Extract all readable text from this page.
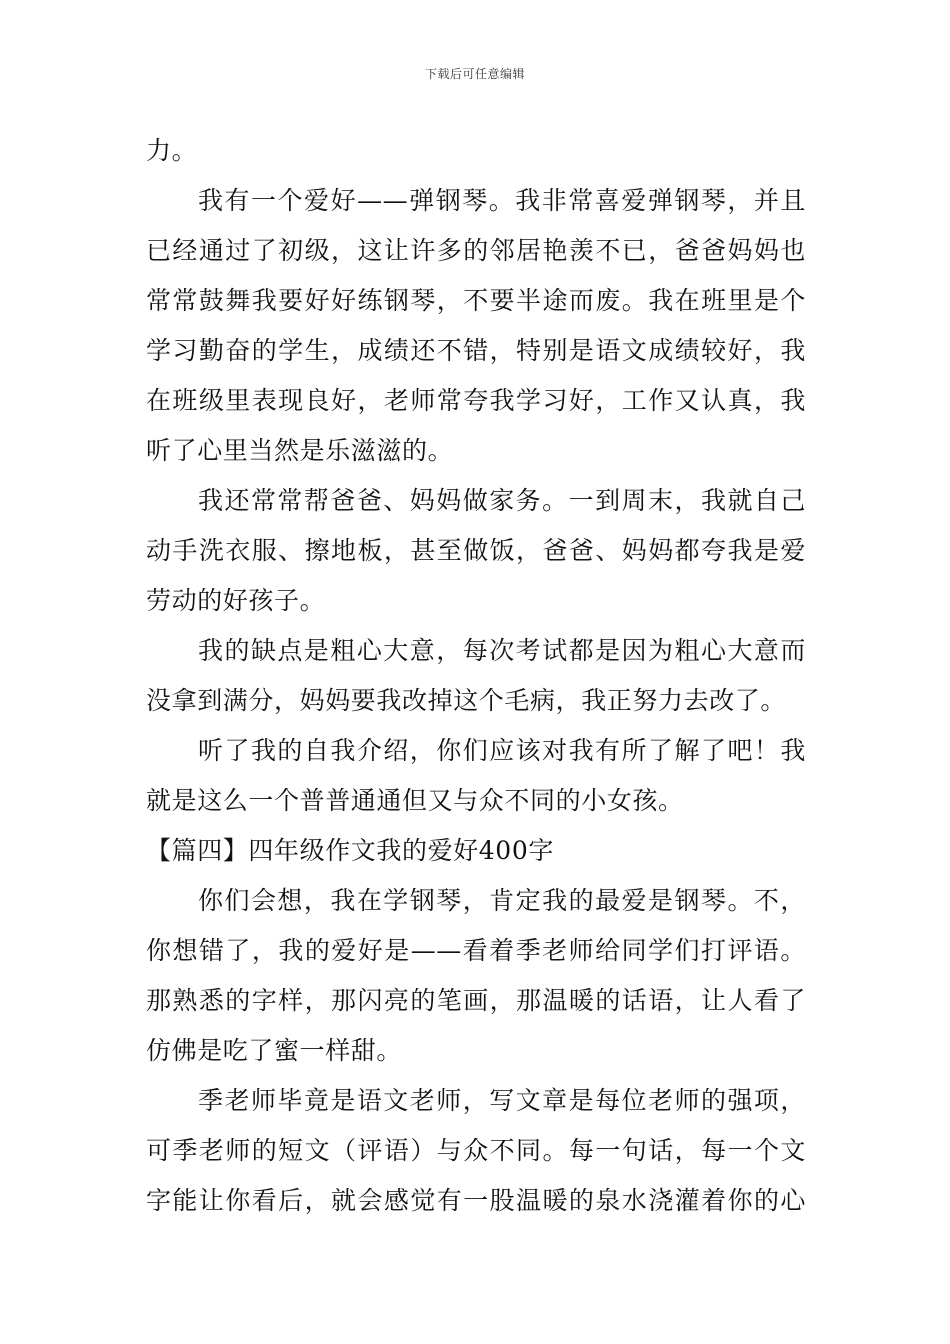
下载后可任意编辑
力。
我有一个爱好——弹钢琴。我非常喜爱弹钢琴，并且
已经通过了初级，这让许多的邻居艳羡不已，爸爸妈妈也
常常鼓舞我要好好练钢琴，不要半途而废。我在班里是个
学习勤奋的学生，成绩还不错，特别是语文成绩较好，我
在班级里表现良好，老师常夸我学习好，工作又认真，我
听了心里当然是乐滋滋的。
我还常常帮爸爸、妈妈做家务。一到周末，我就自己
动手洗衣服、擦地板，甚至做饭，爸爸、妈妈都夸我是爱
劳动的好孩子。
我的缺点是粗心大意，每次考试都是因为粗心大意而
没拿到满分，妈妈要我改掉这个毛病，我正努力去改了。
听了我的自我介绍，你们应该对我有所了解了吧！我
就是这么一个普普通通但又与众不同的小女孩。
【篇四】四年级作文我的爱好400字
你们会想，我在学钢琴，肯定我的最爱是钢琴。不，
你想错了，我的爱好是——看着季老师给同学们打评语。
那熟悉的字样，那闪亮的笔画，那温暖的话语，让人看了
仿佛是吃了蜜一样甜。
季老师毕竟是语文老师，写文章是每位老师的强项，
可季老师的短文（评语）与众不同。每一句话，每一个文
字能让你看后，就会感觉有一股温暖的泉水浇灌着你的心
